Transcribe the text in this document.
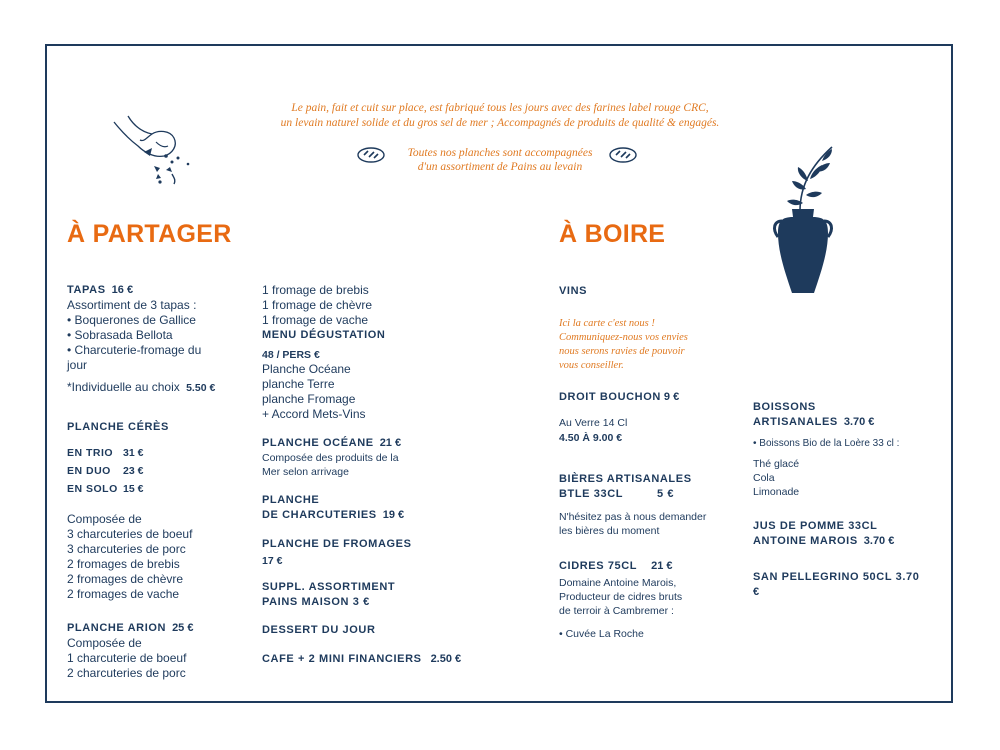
Le pain, fait et cuit sur place, est fabriqué tous les jours avec des farines label rouge CRC,
un levain naturel solide et du gros sel de mer ; Accompagnés de produits de qualité & engagés.
Toutes nos planches sont accompagnées
d'un assortiment de Pains au levain
À PARTAGER	À BOIRE
TAPAS 16 €
Assortiment de 3 tapas :
• Boquerones de Gallice
• Sobrasada Bellota
• Charcuterie-fromage du
jour
*Individuelle au choix 5.50 €
PLANCHE CÉRÈS
EN TRIO 31 €
EN DUO 23 €
EN SOLO 15 €
Composée de
3 charcuteries de boeuf
3 charcuteries de porc
2 fromages de brebis
2 fromages de chèvre
2 fromages de vache
PLANCHE ARION 25 €
Composée de
1 charcuterie de boeuf
2 charcuteries de porc
1 fromage de brebis
1 fromage de chèvre
1 fromage de vache
MENU DÉGUSTATION
48 / PERS €
Planche Océane
planche Terre
planche Fromage
+ Accord Mets-Vins
PLANCHE OCÉANE 21 €
Composée des produits de la
Mer selon arrivage
PLANCHE
DE CHARCUTERIES 19 €
PLANCHE DE FROMAGES
17 €
SUPPL. ASSORTIMENT
PAINS MAISON 3 €
DESSERT DU JOUR
CAFE + 2 MINI FINANCIERS 2.50 €
VINS
Ici la carte c'est nous !
Communiquez-nous vos envies
nous serons ravies de pouvoir
vous conseiller.
DROIT BOUCHON 9 €
Au Verre 14 Cl
4.50 À 9.00 €
BIÈRES ARTISANALES
BTLE 33CL	5 €
N'hésitez pas à nous demander
les bières du moment
CIDRES 75CL 21 €
Domaine Antoine Marois,
Producteur de cidres bruts
de terroir à Cambremer :
• Cuvée La Roche
BOISSONS
ARTISANALES 3.70 €
• Boissons Bio de la Loère 33 cl :
Thé glacé
Cola
Limonade
JUS DE POMME 33CL
ANTOINE MAROIS 3.70 €
SAN PELLEGRINO 50CL 3.70
€
